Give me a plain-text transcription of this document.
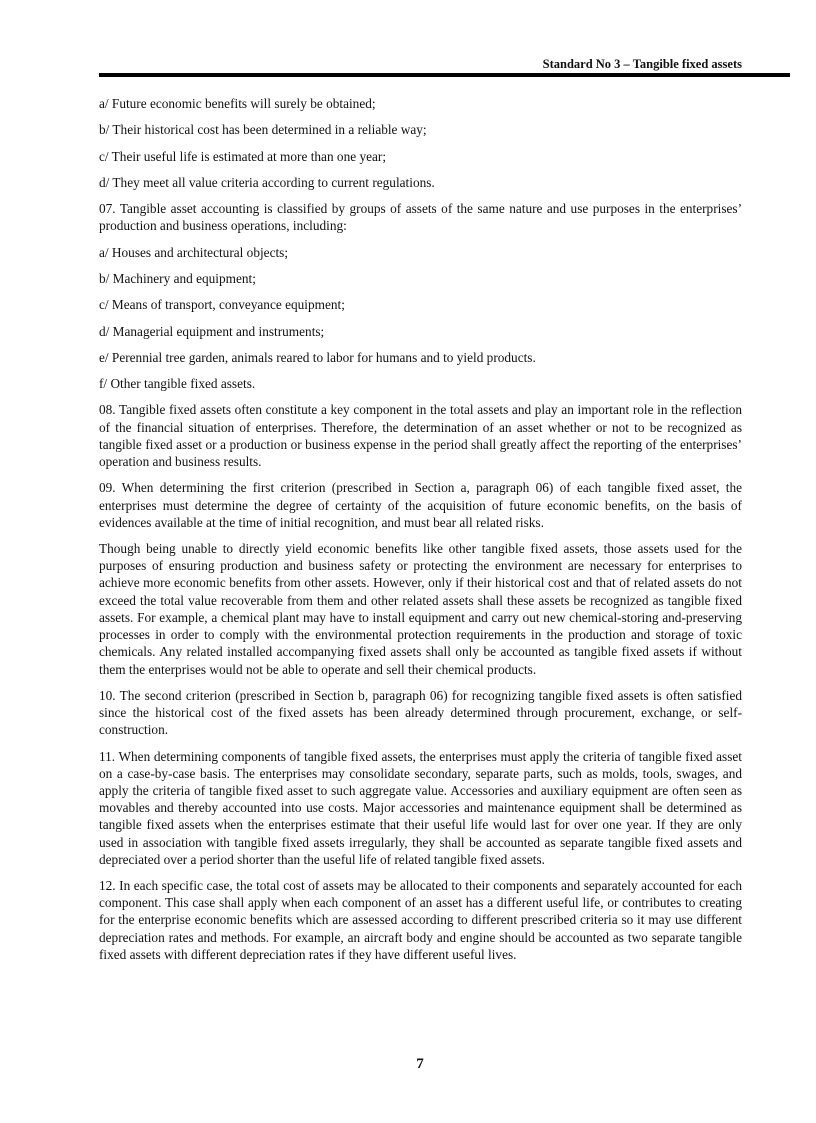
Standard No 3 – Tangible fixed assets

a/ Future economic benefits will surely be obtained;

b/ Their historical cost has been determined in a reliable way;

c/ Their useful life is estimated at more than one year;

d/ They meet all value criteria according to current regulations.

07. Tangible asset accounting is classified by groups of assets of the same nature and use purposes in the enterprises’ production and business operations, including:

a/ Houses and architectural objects;

b/ Machinery and equipment;

c/ Means of transport, conveyance equipment;

d/ Managerial equipment and instruments;

e/ Perennial tree garden, animals reared to labor for humans and to yield products.

f/ Other tangible fixed assets.

08. Tangible fixed assets often constitute a key component in the total assets and play an important role in the reflection of the financial situation of enterprises. Therefore, the determination of an asset whether or not to be recognized as tangible fixed asset or a production or business expense in the period shall greatly affect the reporting of the enterprises’ operation and business results.

09. When determining the first criterion (prescribed in Section a, paragraph 06) of each tangible fixed asset, the enterprises must determine the degree of certainty of the acquisition of future economic benefits, on the basis of evidences available at the time of initial recognition, and must bear all related risks.

Though being unable to directly yield economic benefits like other tangible fixed assets, those assets used for the purposes of ensuring production and business safety or protecting the environment are necessary for enterprises to achieve more economic benefits from other assets. However, only if their historical cost and that of related assets do not exceed the total value recoverable from them and other related assets shall these assets be recognized as tangible fixed assets. For example, a chemical plant may have to install equipment and carry out new chemical-storing and-preserving processes in order to comply with the environmental protection requirements in the production and storage of toxic chemicals. Any related installed accompanying fixed assets shall only be accounted as tangible fixed assets if without them the enterprises would not be able to operate and sell their chemical products.

10. The second criterion (prescribed in Section b, paragraph 06) for recognizing tangible fixed assets is often satisfied since the historical cost of the fixed assets has been already determined through procurement, exchange, or self-construction.

11. When determining components of tangible fixed assets, the enterprises must apply the criteria of tangible fixed asset on a case-by-case basis. The enterprises may consolidate secondary, separate parts, such as molds, tools, swages, and apply the criteria of tangible fixed asset to such aggregate value. Accessories and auxiliary equipment are often seen as movables and thereby accounted into use costs. Major accessories and maintenance equipment shall be determined as tangible fixed assets when the enterprises estimate that their useful life would last for over one year. If they are only used in association with tangible fixed assets irregularly, they shall be accounted as separate tangible fixed assets and depreciated over a period shorter than the useful life of related tangible fixed assets.

12. In each specific case, the total cost of assets may be allocated to their components and separately accounted for each component. This case shall apply when each component of an asset has a different useful life, or contributes to creating for the enterprise economic benefits which are assessed according to different prescribed criteria so it may use different depreciation rates and methods. For example, an aircraft body and engine should be accounted as two separate tangible fixed assets with different depreciation rates if they have different useful lives.

7
